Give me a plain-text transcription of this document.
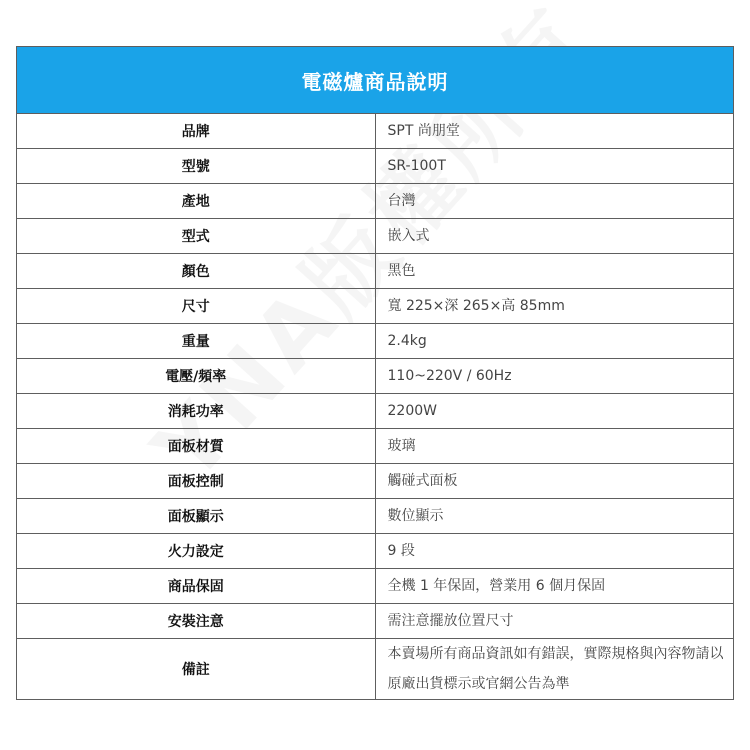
電磁爐商品說明	
品牌	SPT 尚朋堂
型號	SR-100T
產地	台灣
型式	嵌入式
顏色	黑色
尺寸	寬 225×深 265×高 85mm
重量	2.4kg
電壓/頻率	110~220V / 60Hz
消耗功率	2200W
面板材質	玻璃
面板控制	觸碰式面板
面板顯示	數位顯示
火力設定	9 段
商品保固	全機 1 年保固，營業用 6 個月保固
安裝注意	需注意擺放位置尺寸
備註	本賣場所有商品資訊如有錯誤，實際規格與內容物請以原廠出貨標示或官網公告為準
